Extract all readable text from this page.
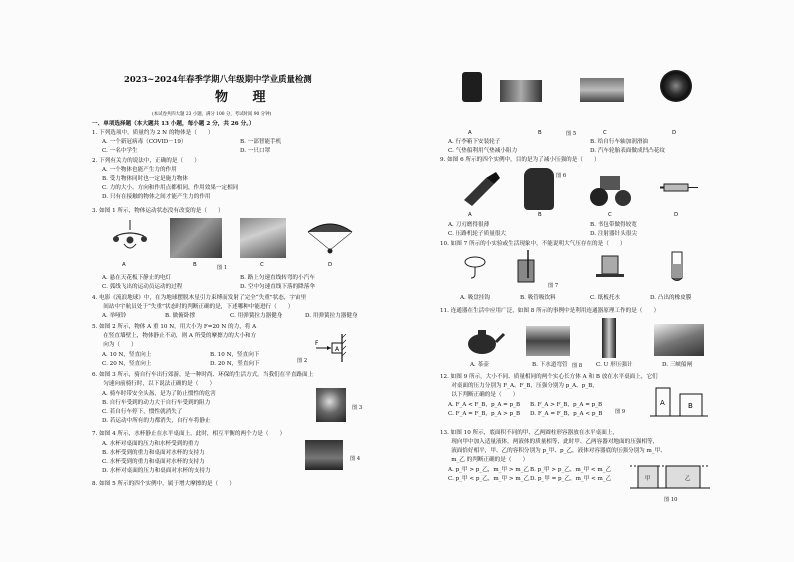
2023~2024年春季学期八年级期中学业质量检测
物 理
(本试卷共四大题 23 小题，满分 100 分，考试时间 90 分钟)
一、单项选择题（本大题共 13 小题，每小题 2 分，共 26 分。）
1. 下列选项中，质量约为 2 N 的物体是（　　）
A. 一个新冠病毒（COVID－19）	B. 一部智能手机
C. 一名中学生	D. 一只口罩
2. 下列有关力的说法中，正确的是（　　）
A. 一个物体也能产生力的作用
B. 受力物体同时也一定是施力物体
C. 力的大小、方向和作用点都相同，作用效果一定相同
D. 只有在接触的物体之间才能产生力的作用
3. 如图 1 所示，物体运动状态没有改变的是（　　）
A	B	图 1	C	D
A. 悬在天花板下静止的电灯	B. 路上匀速直线转弯的小汽车
C. 弧线飞出的运动员运动的过程	D. 空中匀速直线下落的降落伞
4. 电影《流浪地球》中，在为地球摆脱木星引力束缚而发射了完全“失重”状态，宇宙里
　　间站中宇航员处于“失重”状态时的判断正确的是，下述哪种中能进行（　　）
A. 举哑铃	B. 做俯卧撑	C. 用弹簧拉力器健身	D. 用弹簧拉力器健身
5. 如图 2 所示，物体 A 重 10 N，用大小为 F=20 N 的力，将 A
　　在竖直墙壁上，物体静止不动，则 A 所受的摩擦力的大小和方
　　向为（　　）
A. 10 N，竖直向上	B. 10 N，竖直向下
C. 20 N，竖直向上	D. 20 N，竖直向下
A
F
图 2
6. 如图 3 所示，骑自行车出行郊游，是一种时尚、环保的生活方式。当我们在平直路面上
　　匀速向前骑行时，以下说法正确的是（　　）
A. 骑车时带安全头盔，是为了防止惯性的危害
B. 自行车受到的动力大于自行车受到的阻力
C. 若自行车停下，惯性就消失了
D. 若运动中所有的力都消失，自行车将静止
图 3
7. 如图 4 所示，水杯静止在水平桌面上，此时，相互平衡的两个力是（　　）
A. 水杯对桌面的压力和水杯受到的重力
B. 水杯受到的重力和桌面对水杯的支持力
C. 水杯受到的重力和桌面对水杯的支持力
D. 水杯对桌面的压力和桌面对水杯的支持力
图 4
8. 如图 5 所示的四个实例中，属于增大摩擦的是（　　）
A	B	图 5	C	D
A. 行李箱下安装轮子	B. 给自行车轴加润滑油
C. 气垫船利用气垫减小阻力	D. 汽车轮胎表面做成凹凸花纹
9. 如图 6 所示的四个实例中，目的是为了减小压强的是（　　）
图 6
A	B	C	D
A. 刀刃磨得很薄	B. 书包带做得较宽
C. 压路机轮子质量很大	D. 注射器针头很尖
10. 如图 7 所示的小实验或生活现象中，不能说明大气压存在的是（　　）
图 7
A. 吸盘挂钩	B. 吸管吸饮料	C. 纸板托水	D. 凸出的橡皮膜
11. 连通器在生活中应用广泛，如图 8 所示的事例中是利用连通器原理工作的是（　　）
A. 茶壶	B. 下水道弯管 图 8 C. U 形压强计	D. 三峡船闸
12. 如图 9 所示，大小不同、质量相同的两个实心长方体 A 和 B 放在水平桌面上，它们
　　对桌面的压力分别为 F_A、F_B，压强分别为 p_A、p_B，
　　以下判断正确的是（　　）
A. F_A < F_B，p_A = p_B B. F_A > F_B，p_A = p_B
C. F_A = F_B，p_A > p_B D. F_A = F_B，p_A < p_B
A	B
图 9
13. 如图 10 所示，底面积不同的甲、乙两圆柱形容器放在水平桌面上，
　　现向甲中加入适量液体，两液体的质量相等，此时甲、乙两容器对地面的压强相等，
　　液面恰好相平，甲、乙的容积分别为 p_甲、p_乙，液体对容器底的压强分别为 m_甲、
　　m_乙 的判断正确的是（　　）
A. p_甲 > p_乙，m_甲 > m_乙 B. p_甲 > p_乙，m_甲 < m_乙
C. p_甲 < p_乙，m_甲 > m_乙 D. p_甲 = p_乙，m_甲 < m_乙	甲	乙
图 10
